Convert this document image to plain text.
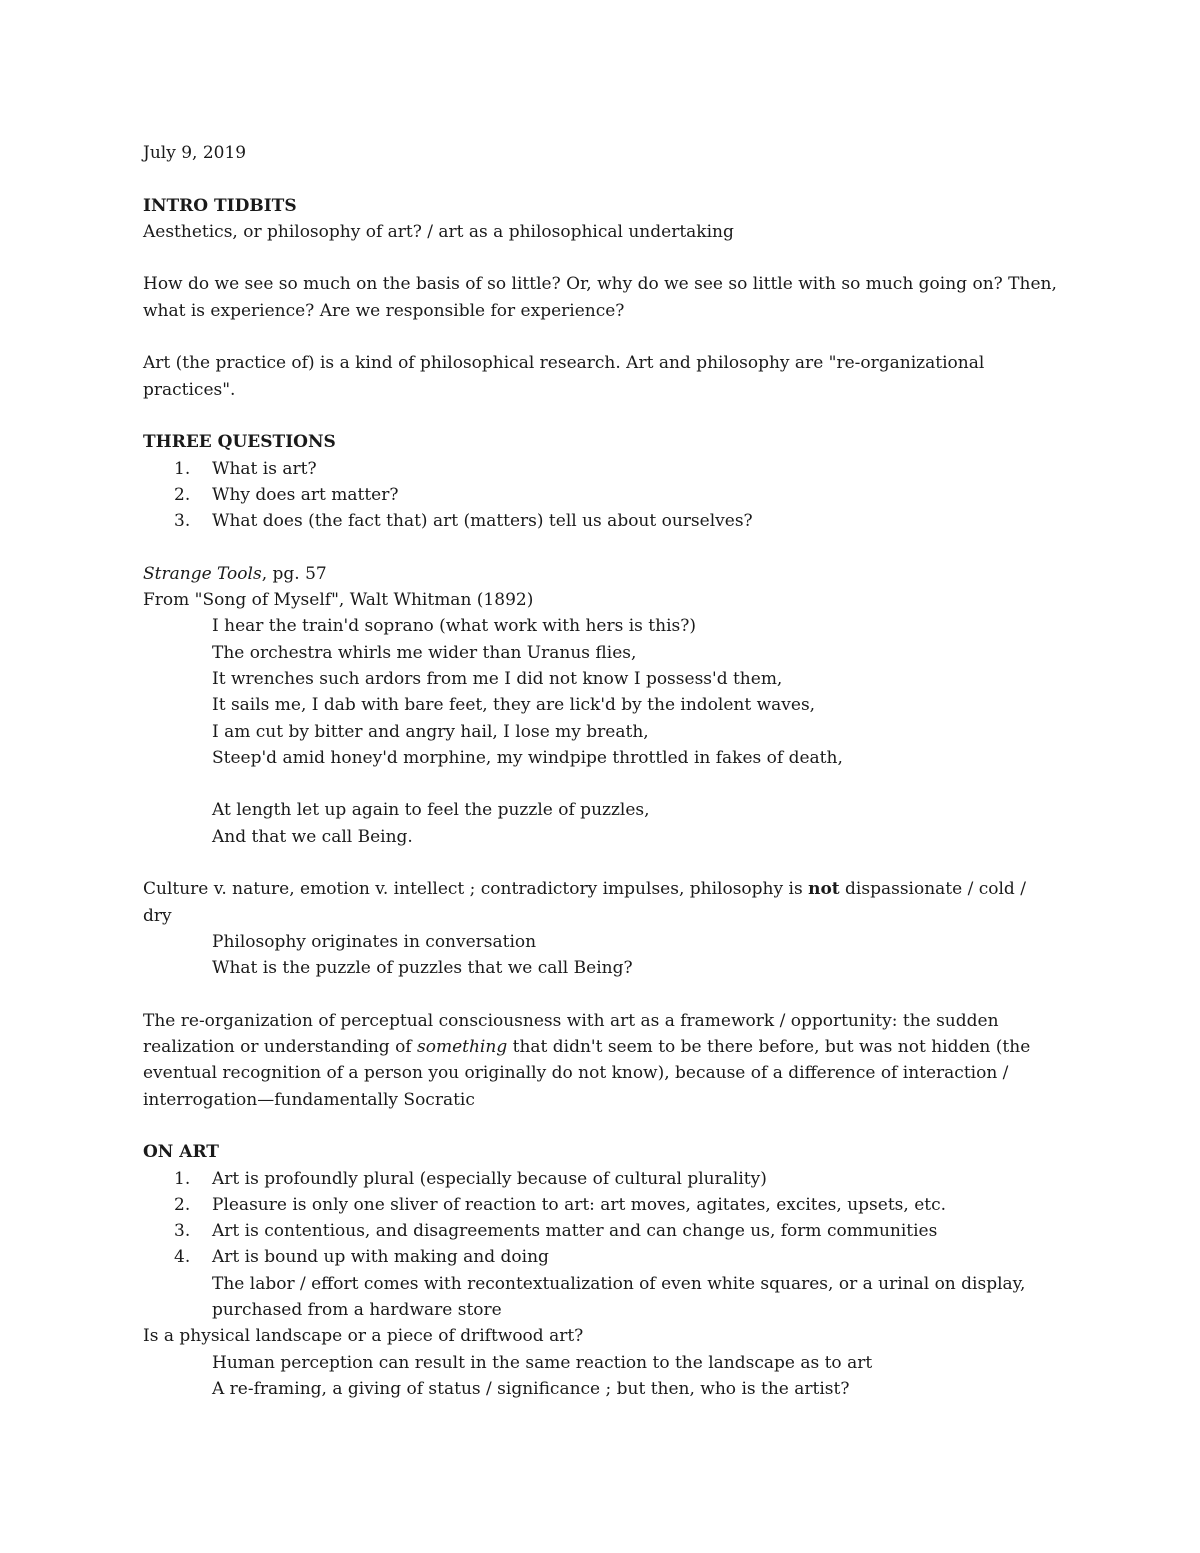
July 9, 2019
INTRO TIDBITS
Aesthetics, or philosophy of art? / art as a philosophical undertaking
How do we see so much on the basis of so little? Or, why do we see so little with so much going on? Then,
what is experience? Are we responsible for experience?
Art (the practice of) is a kind of philosophical research. Art and philosophy are "re-organizational
practices".
THREE QUESTIONS
1.	What is art?
2.	Why does art matter?
3.	What does (the fact that) art (matters) tell us about ourselves?
Strange Tools, pg. 57
From "Song of Myself", Walt Whitman (1892)
I hear the train'd soprano (what work with hers is this?)
The orchestra whirls me wider than Uranus flies,
It wrenches such ardors from me I did not know I possess'd them,
It sails me, I dab with bare feet, they are lick'd by the indolent waves,
I am cut by bitter and angry hail, I lose my breath,
Steep'd amid honey'd morphine, my windpipe throttled in fakes of death,
At length let up again to feel the puzzle of puzzles,
And that we call Being.
Culture v. nature, emotion v. intellect ; contradictory impulses, philosophy is not dispassionate / cold /
dry
Philosophy originates in conversation
What is the puzzle of puzzles that we call Being?
The re-organization of perceptual consciousness with art as a framework / opportunity: the sudden
realization or understanding of something that didn't seem to be there before, but was not hidden (the
eventual recognition of a person you originally do not know), because of a difference of interaction /
interrogation—fundamentally Socratic
ON ART
1.	Art is profoundly plural (especially because of cultural plurality)
2.	Pleasure is only one sliver of reaction to art: art moves, agitates, excites, upsets, etc.
3.	Art is contentious, and disagreements matter and can change us, form communities
4.	Art is bound up with making and doing
The labor / effort comes with recontextualization of even white squares, or a urinal on display,
purchased from a hardware store
Is a physical landscape or a piece of driftwood art?
Human perception can result in the same reaction to the landscape as to art
A re-framing, a giving of status / significance ; but then, who is the artist?
